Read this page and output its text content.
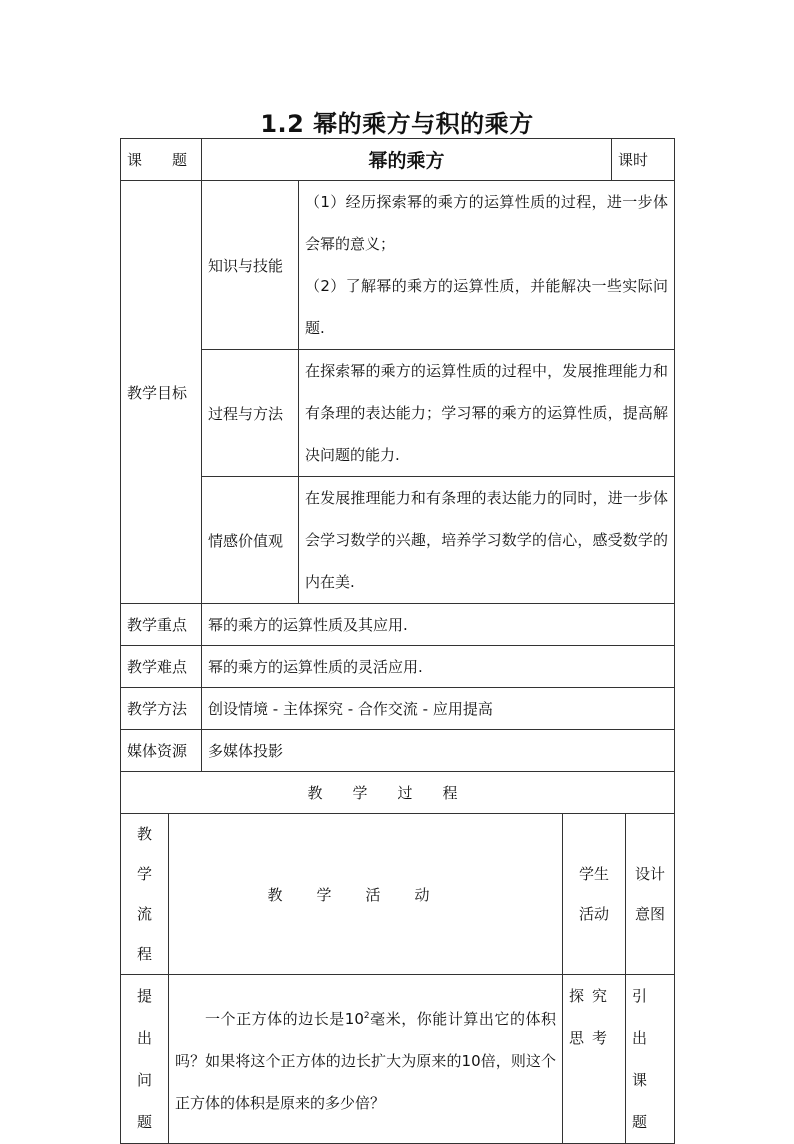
1.2 幂的乘方与积的乘方
课　　题		幂的乘方			课时	
教学目标		知识与技能	（1）经历探索幂的乘方的运算性质的过程，进一步体会幂的意义；
（2）了解幂的乘方的运算性质，并能解决一些实际问题.			

		过程与方法	在探索幂的乘方的运算性质的过程中，发展推理能力和有条理的表达能力；学习幂的乘方的运算性质，提高解决问题的能力.			
		情感价值观	在发展推理能力和有条理的表达能力的同时，进一步体会学习数学的兴趣，培养学习数学的信心，感受数学的内在美.			
教学重点		幂的乘方的运算性质及其应用.				
教学难点		幂的乘方的运算性质的灵活应用.				
教学方法		创设情境 - 主体探究 - 合作交流 - 应用提高				
媒体资源		多媒体投影				
教学过程						
教学流程	教学活动			学生活动		设计意图
提出问题	一个正方体的边长是$10^2$毫米，你能计算出它的体积吗？如果将这个正方体的边长扩大为原来的10倍，则这个正方体的体积是原来的多少倍？			探究思考		引出课题
